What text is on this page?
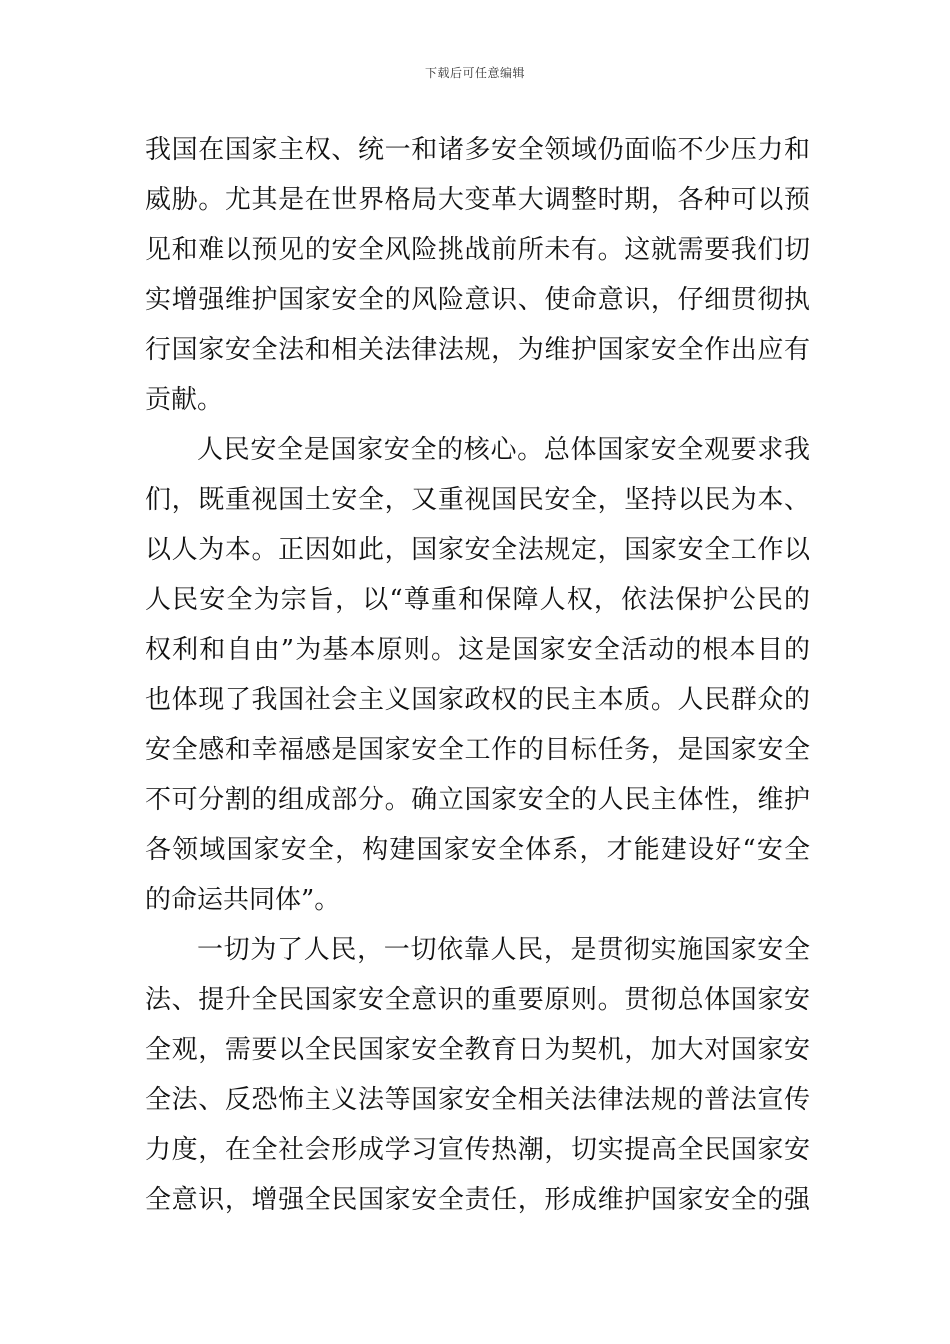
下载后可任意编辑
我国在国家主权、统一和诸多安全领域仍面临不少压力和
威胁。尤其是在世界格局大变革大调整时期，各种可以预
见和难以预见的安全风险挑战前所未有。这就需要我们切
实增强维护国家安全的风险意识、使命意识，仔细贯彻执
行国家安全法和相关法律法规，为维护国家安全作出应有
贡献。
人民安全是国家安全的核心。总体国家安全观要求我
们，既重视国土安全，又重视国民安全，坚持以民为本、
以人为本。正因如此，国家安全法规定，国家安全工作以
人民安全为宗旨，以“尊重和保障人权，依法保护公民的
权利和自由”为基本原则。这是国家安全活动的根本目的
也体现了我国社会主义国家政权的民主本质。人民群众的
安全感和幸福感是国家安全工作的目标任务，是国家安全
不可分割的组成部分。确立国家安全的人民主体性，维护
各领域国家安全，构建国家安全体系，才能建设好“安全
的命运共同体”。
一切为了人民，一切依靠人民，是贯彻实施国家安全
法、提升全民国家安全意识的重要原则。贯彻总体国家安
全观，需要以全民国家安全教育日为契机，加大对国家安
全法、反恐怖主义法等国家安全相关法律法规的普法宣传
力度，在全社会形成学习宣传热潮，切实提高全民国家安
全意识，增强全民国家安全责任，形成维护国家安全的强
